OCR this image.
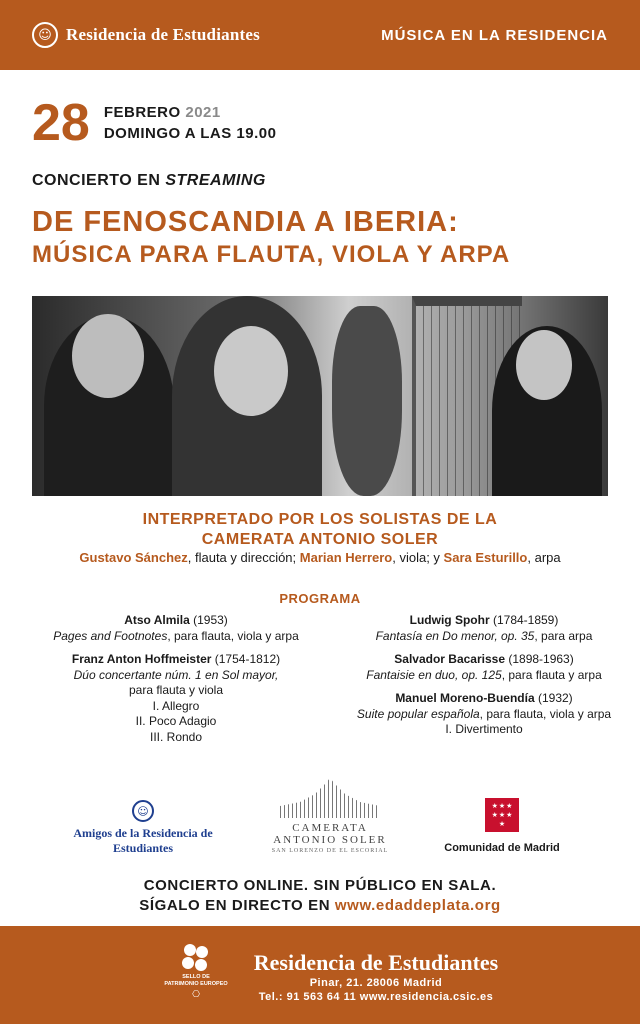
☺ Residencia de Estudiantes	MÚSICA EN LA RESIDENCIA
28 FEBRERO 2021
DOMINGO A LAS 19.00
CONCIERTO EN STREAMING
DE FENOSCANDIA A IBERIA:
MÚSICA PARA FLAUTA, VIOLA Y ARPA
INTERPRETADO POR LOS SOLISTAS DE LA
CAMERATA ANTONIO SOLER
Gustavo Sánchez, flauta y dirección; Marian Herrero, viola; y Sara Esturillo, arpa
PROGRAMA
Atso Almila (1953)
Pages and Footnotes, para flauta, viola y arpa
Franz Anton Hoffmeister (1754-1812)
Dúo concertante núm. 1 en Sol mayor,
para flauta y viola
I. Allegro
II. Poco Adagio
III. Rondo
Ludwig Spohr (1784-1859)
Fantasía en Do menor, op. 35, para arpa
Salvador Bacarisse (1898-1963)
Fantaisie en duo, op. 125, para flauta y arpa
Manuel Moreno-Buendía (1932)
Suite popular española, para flauta, viola y arpa
I. Divertimento
☺
Amigos de la Residencia de Estudiantes
CAMERATA
ANTONIO SOLER
SAN LORENZO DE EL ESCORIAL
★ ★ ★
★ ★ ★
★
Comunidad de Madrid
CONCIERTO ONLINE. SIN PÚBLICO EN SALA.
SÍGALO EN DIRECTO EN www.edaddeplata.org
SELLO DE
PATRIMONIO EUROPEO
⎔
Residencia de Estudiantes
Pinar, 21. 28006 Madrid
Tel.: 91 563 64 11 www.residencia.csic.es
